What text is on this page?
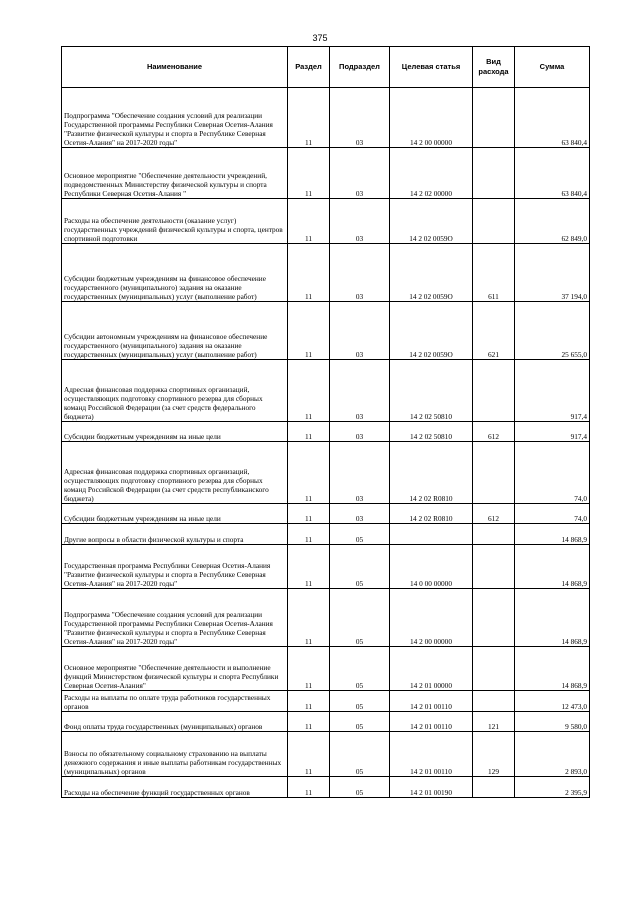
375
Наименование	Раздел	Подраздел	Целевая статья	Вид расхода	Сумма
Подпрограмма "Обеспечение создания условий для реализации Государственной программы Республики Северная Осетия-Алания "Развитие физической культуры и спорта в Республике Северная Осетия-Алания" на 2017-2020 годы"	11	03	14 2 00 00000		63 840,4
Основное мероприятие "Обеспечение деятельности учреждений, подведомственных Министерству физической культуры и спорта Республики Северная Осетия-Алания "	11	03	14 2 02 00000		63 840,4
Расходы на обеспечение деятельности (оказание услуг) государственных учреждений физической культуры и спорта, центров спортивной подготовки	11	03	14 2 02 0059О		62 849,0
Субсидии бюджетным учреждениям на финансовое обеспечение государственного (муниципального) задания на оказание государственных (муниципальных) услуг (выполнение работ)	11	03	14 2 02 0059О	611	37 194,0
Субсидии автономным учреждениям на финансовое обеспечение государственного (муниципального) задания на оказание государственных (муниципальных) услуг (выполнение работ)	11	03	14 2 02 0059О	621	25 655,0
Адресная финансовая поддержка спортивных организаций, осуществляющих подготовку спортивного резерва для сборных команд Российской Федерации (за счет средств федерального бюджета)	11	03	14 2 02 50810		917,4
Субсидии бюджетным учреждениям на иные цели	11	03	14 2 02 50810	612	917,4
Адресная финансовая поддержка спортивных организаций, осуществляющих подготовку спортивного резерва для сборных команд Российской Федерации (за счет средств республиканского бюджета)	11	03	14 2 02 R0810		74,0
Субсидии бюджетным учреждениям на иные цели	11	03	14 2 02 R0810	612	74,0
Другие вопросы в области физической культуры и спорта	11	05			14 868,9
Государственная программа Республики Северная Осетия-Алания "Развитие физической культуры и спорта в Республике Северная Осетия-Алания" на 2017-2020 годы"	11	05	14 0 00 00000		14 868,9
Подпрограмма "Обеспечение создания условий для реализации Государственной программы Республики Северная Осетия-Алания "Развитие физической культуры и спорта в Республике Северная Осетия-Алания" на 2017-2020 годы"	11	05	14 2 00 00000		14 868,9
Основное мероприятие "Обеспечение деятельности и выполнение функций Министерством физической культуры и спорта Республики Северная Осетия-Алания"	11	05	14 2 01 00000		14 868,9
Расходы на выплаты по оплате труда работников государственных органов	11	05	14 2 01 00110		12 473,0
Фонд оплаты труда государственных (муниципальных) органов	11	05	14 2 01 00110	121	9 580,0
Взносы по обязательному социальному страхованию на выплаты денежного содержания и иные выплаты работникам государственных (муниципальных) органов	11	05	14 2 01 00110	129	2 893,0
Расходы на обеспечение функций государственных органов	11	05	14 2 01 00190		2 395,9
